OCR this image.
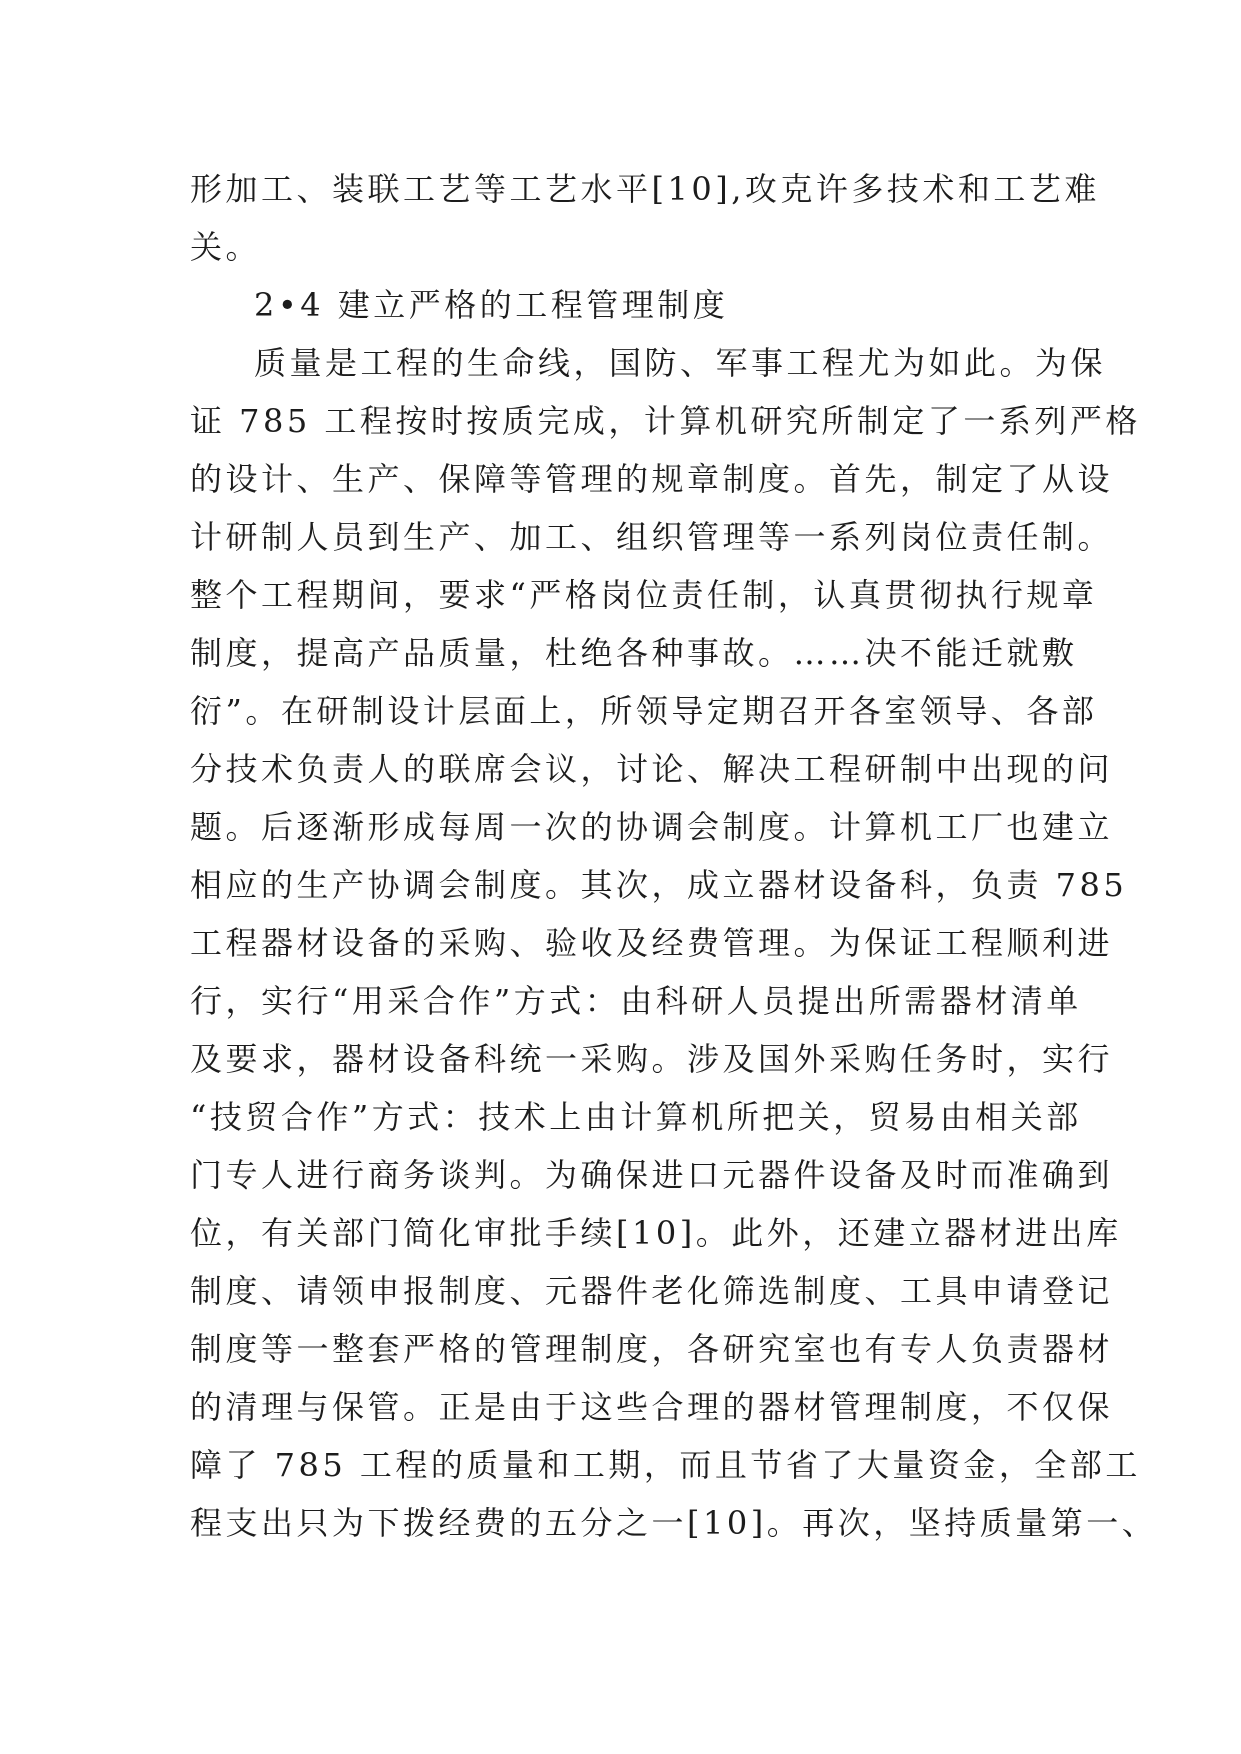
形加工、装联工艺等工艺水平[10],攻克许多技术和工艺难
关。
2•4 建立严格的工程管理制度
质量是工程的生命线，国防、军事工程尤为如此。为保
证 785 工程按时按质完成，计算机研究所制定了一系列严格
的设计、生产、保障等管理的规章制度。首先，制定了从设
计研制人员到生产、加工、组织管理等一系列岗位责任制。
整个工程期间，要求“严格岗位责任制，认真贯彻执行规章
制度，提高产品质量，杜绝各种事故。……决不能迁就敷
衍”。在研制设计层面上，所领导定期召开各室领导、各部
分技术负责人的联席会议，讨论、解决工程研制中出现的问
题。后逐渐形成每周一次的协调会制度。计算机工厂也建立
相应的生产协调会制度。其次，成立器材设备科，负责 785
工程器材设备的采购、验收及经费管理。为保证工程顺利进
行，实行“用采合作”方式：由科研人员提出所需器材清单
及要求，器材设备科统一采购。涉及国外采购任务时，实行
“技贸合作”方式：技术上由计算机所把关，贸易由相关部
门专人进行商务谈判。为确保进口元器件设备及时而准确到
位，有关部门简化审批手续[10]。此外，还建立器材进出库
制度、请领申报制度、元器件老化筛选制度、工具申请登记
制度等一整套严格的管理制度，各研究室也有专人负责器材
的清理与保管。正是由于这些合理的器材管理制度，不仅保
障了 785 工程的质量和工期，而且节省了大量资金，全部工
程支出只为下拨经费的五分之一[10]。再次，坚持质量第一、
